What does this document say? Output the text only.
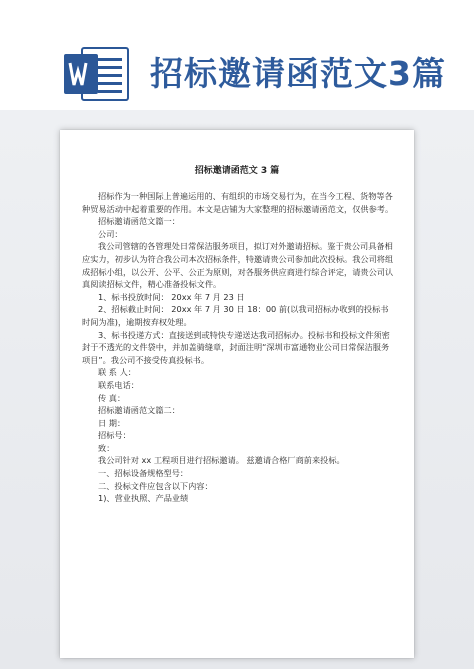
招标邀请函范文3篇
招标邀请函范文 3 篇

招标作为一种国际上普遍运用的、有组织的市场交易行为，在当今工程、货物等各种贸易活动中起着重要的作用。本文是店铺为大家整理的招标邀请函范文，仅供参考。

招标邀请函范文篇一：

公司：

我公司管辖的各管理处日常保洁服务项目，拟订对外邀请招标。鉴于贵公司具备相应实力，初步认为符合我公司本次招标条件，特邀请贵公司参加此次投标。我公司将组成招标小组，以公开、公平、公正为原则，对各服务供应商进行综合评定，请贵公司认真阅读招标文件，精心准备投标文件。

1、标书投放时间： 20xx 年 7 月 23 日

2、招标截止时间： 20xx 年 7 月 30 日 18：00 前(以我司招标办收到的投标书时间为准)，逾期按弃权处理。

3、标书投递方式：直接送到或特快专递送达我司招标办。投标书和投标文件须密封于不透光的文件袋中，并加盖骑缝章，封面注明“深圳市富通物业公司日常保洁服务项目”。我公司不接受传真投标书。

联 系 人：

联系电话：

传 真：

招标邀请函范文篇二：

日 期：

招标号：

致：

我公司针对 xx 工程项目进行招标邀请。 兹邀请合格厂商前来投标。

一、招标设备规格型号：

二、投标文件应包含以下内容：

1)、营业执照、产品业绩
